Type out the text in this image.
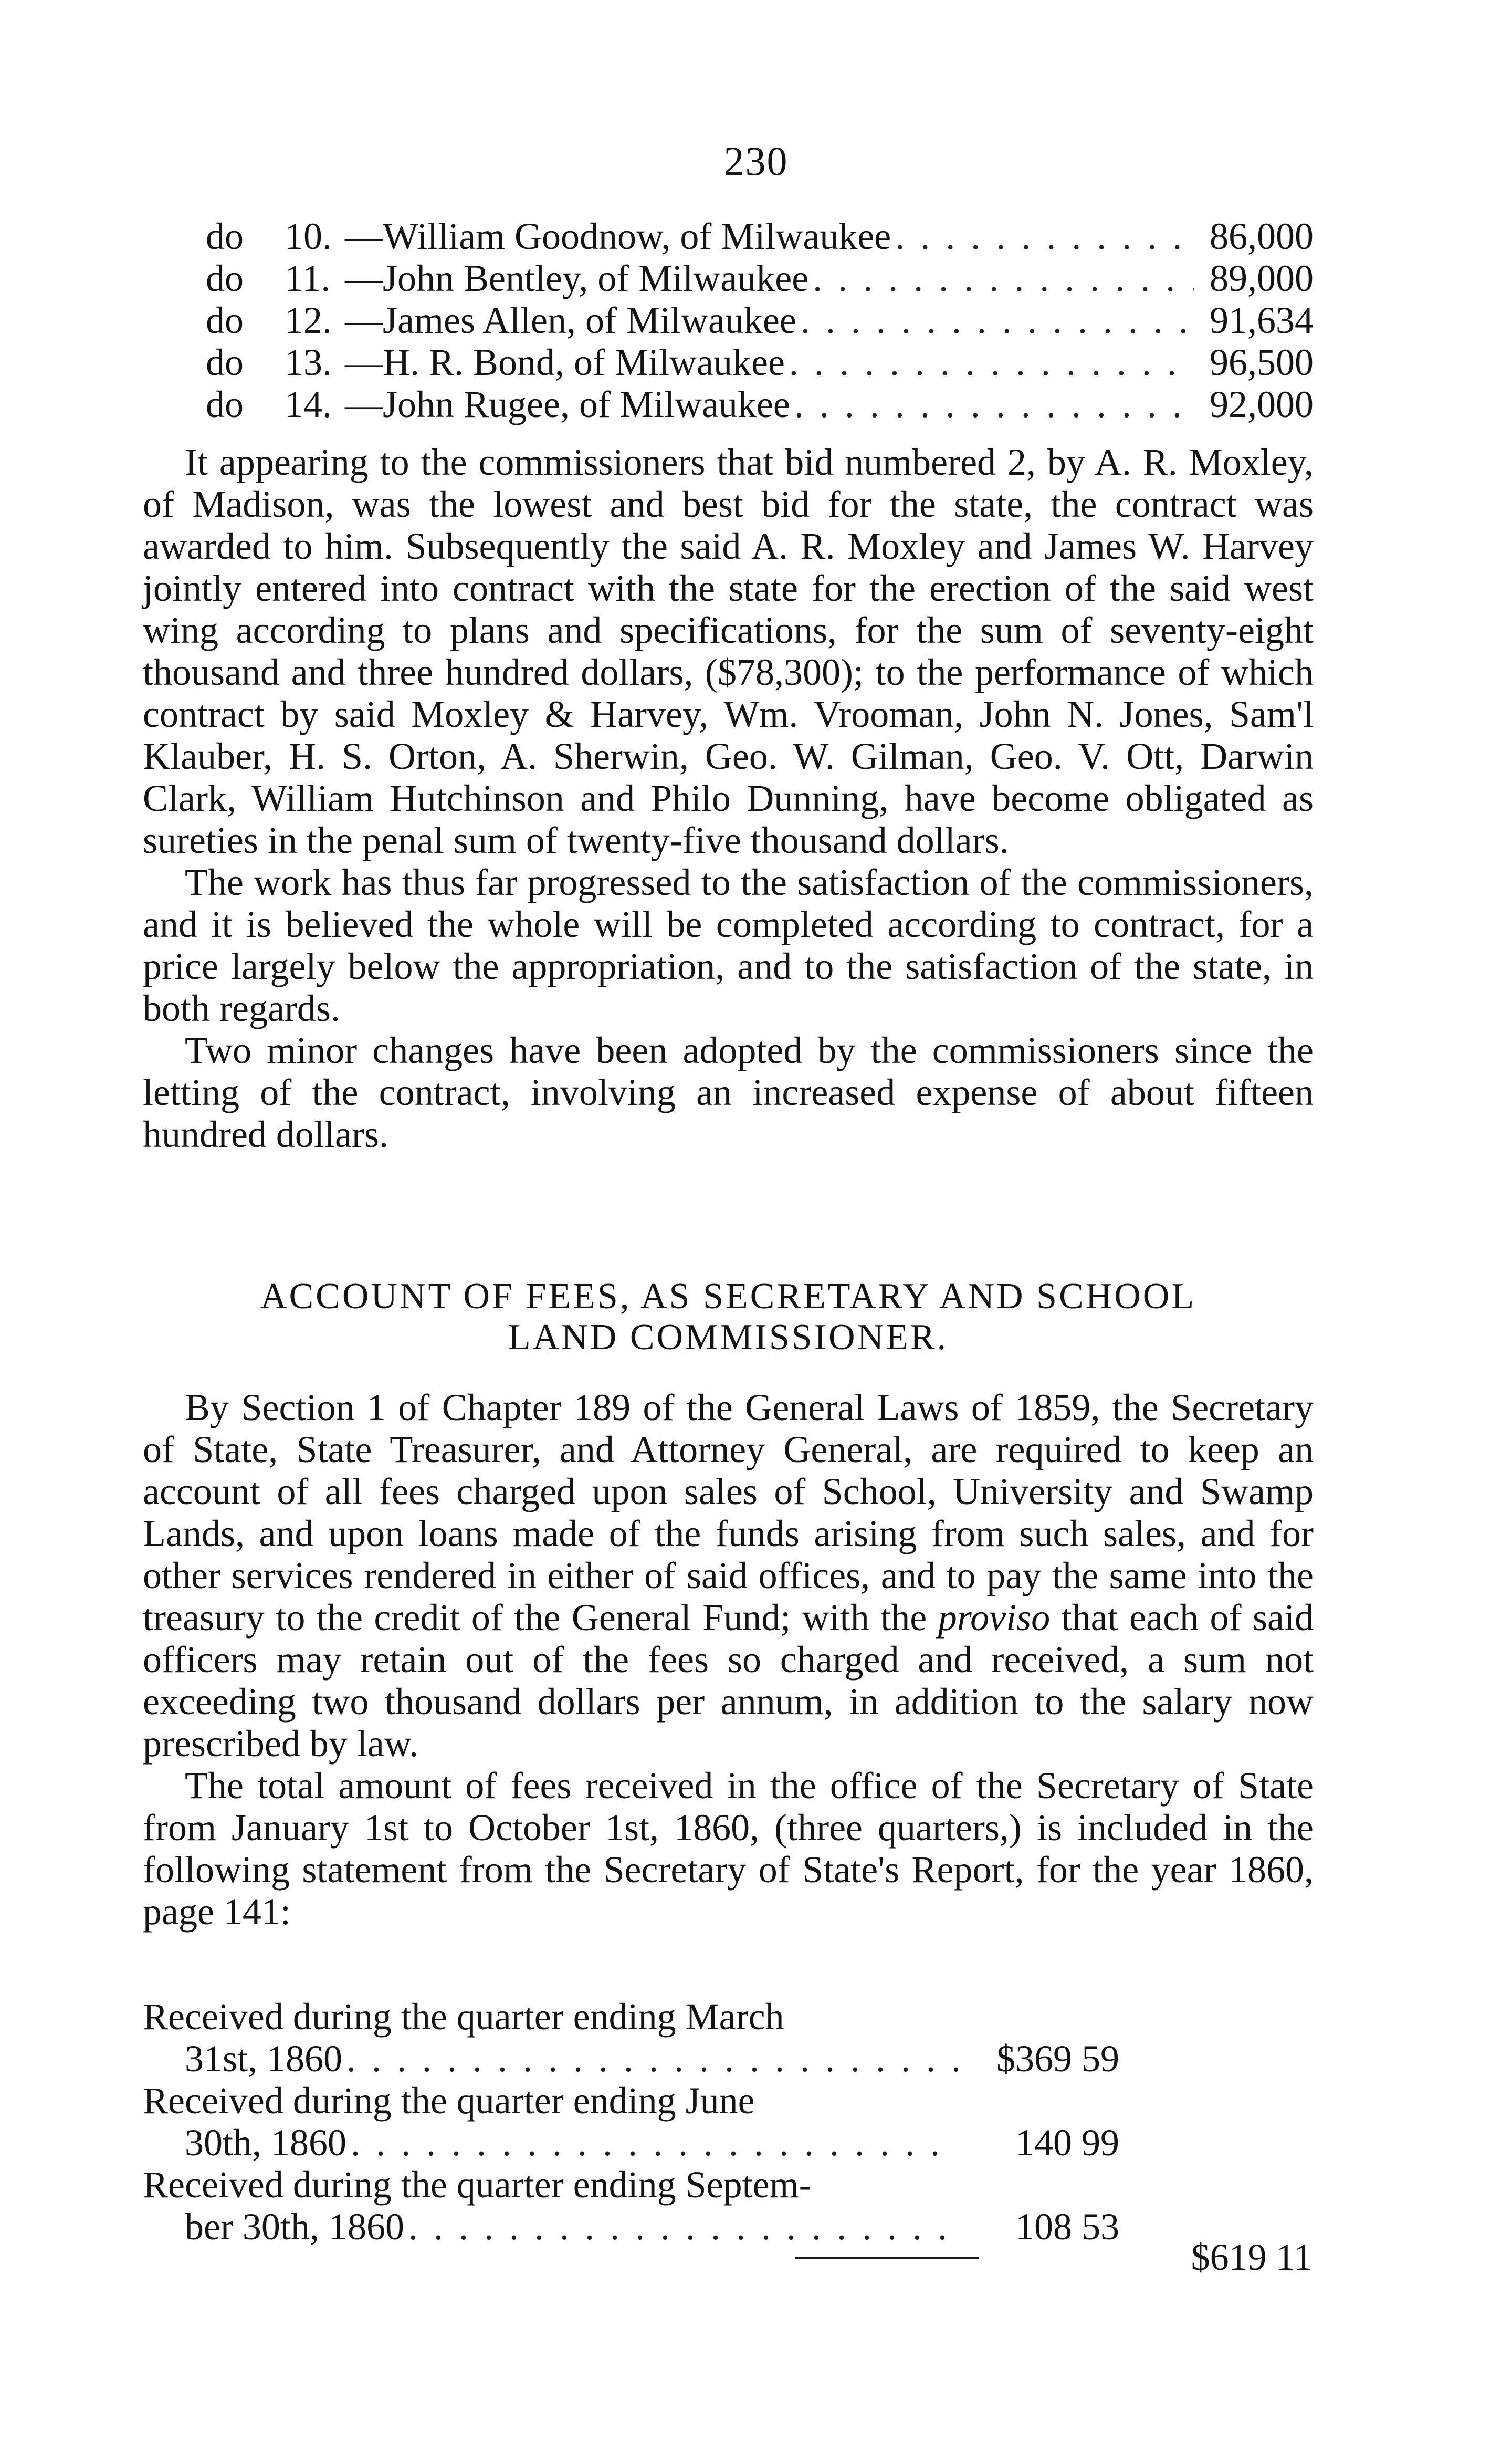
230
do	10. —William Goodnow, of Milwaukee . . .	86,000
do	11. —John Bentley, of Milwaukee . . .	89,000
do	12. —James Allen, of Milwaukee . . .	91,634
do	13. —H. R. Bond, of Milwaukee . . .	96,500
do	14. —John Rugee, of Milwaukee . . .	92,000

It appearing to the commissioners that bid numbered 2, by A. R. Moxley, of Madison, was the lowest and best bid for the state, the contract was awarded to him. Subsequently the said A. R. Moxley and James W. Harvey jointly entered into contract with the state for the erection of the said west wing according to plans and specifications, for the sum of seventy-eight thousand and three hundred dollars, ($78,300); to the performance of which contract by said Moxley & Harvey, Wm. Vrooman, John N. Jones, Sam'l Klauber, H. S. Orton, A. Sherwin, Geo. W. Gilman, Geo. V. Ott, Darwin Clark, William Hutchinson and Philo Dunning, have become obligated as sureties in the penal sum of twenty-five thousand dollars.

The work has thus far progressed to the satisfaction of the commissioners, and it is believed the whole will be completed according to contract, for a price largely below the appropriation, and to the satisfaction of the state, in both regards.

Two minor changes have been adopted by the commissioners since the letting of the contract, involving an increased expense of about fifteen hundred dollars.

ACCOUNT OF FEES, AS SECRETARY AND SCHOOL
LAND COMMISSIONER.

By Section 1 of Chapter 189 of the General Laws of 1859, the Secretary of State, State Treasurer, and Attorney General, are required to keep an account of all fees charged upon sales of School, University and Swamp Lands, and upon loans made of the funds arising from such sales, and for other services rendered in either of said offices, and to pay the same into the treasury to the credit of the General Fund; with the proviso that each of said officers may retain out of the fees so charged and received, a sum not exceeding two thousand dollars per annum, in addition to the salary now prescribed by law.

The total amount of fees received in the office of the Secretary of State from January 1st to October 1st, 1860, (three quarters,) is included in the following statement from the Secretary of State's Report, for the year 1860, page 141:

Received during the quarter ending March
31st, 1860 . . .	$369 59
Received during the quarter ending June
30th, 1860 . . .	140 99
Received during the quarter ending Septem-
ber 30th, 1860 . . .	108 53
$619 11
